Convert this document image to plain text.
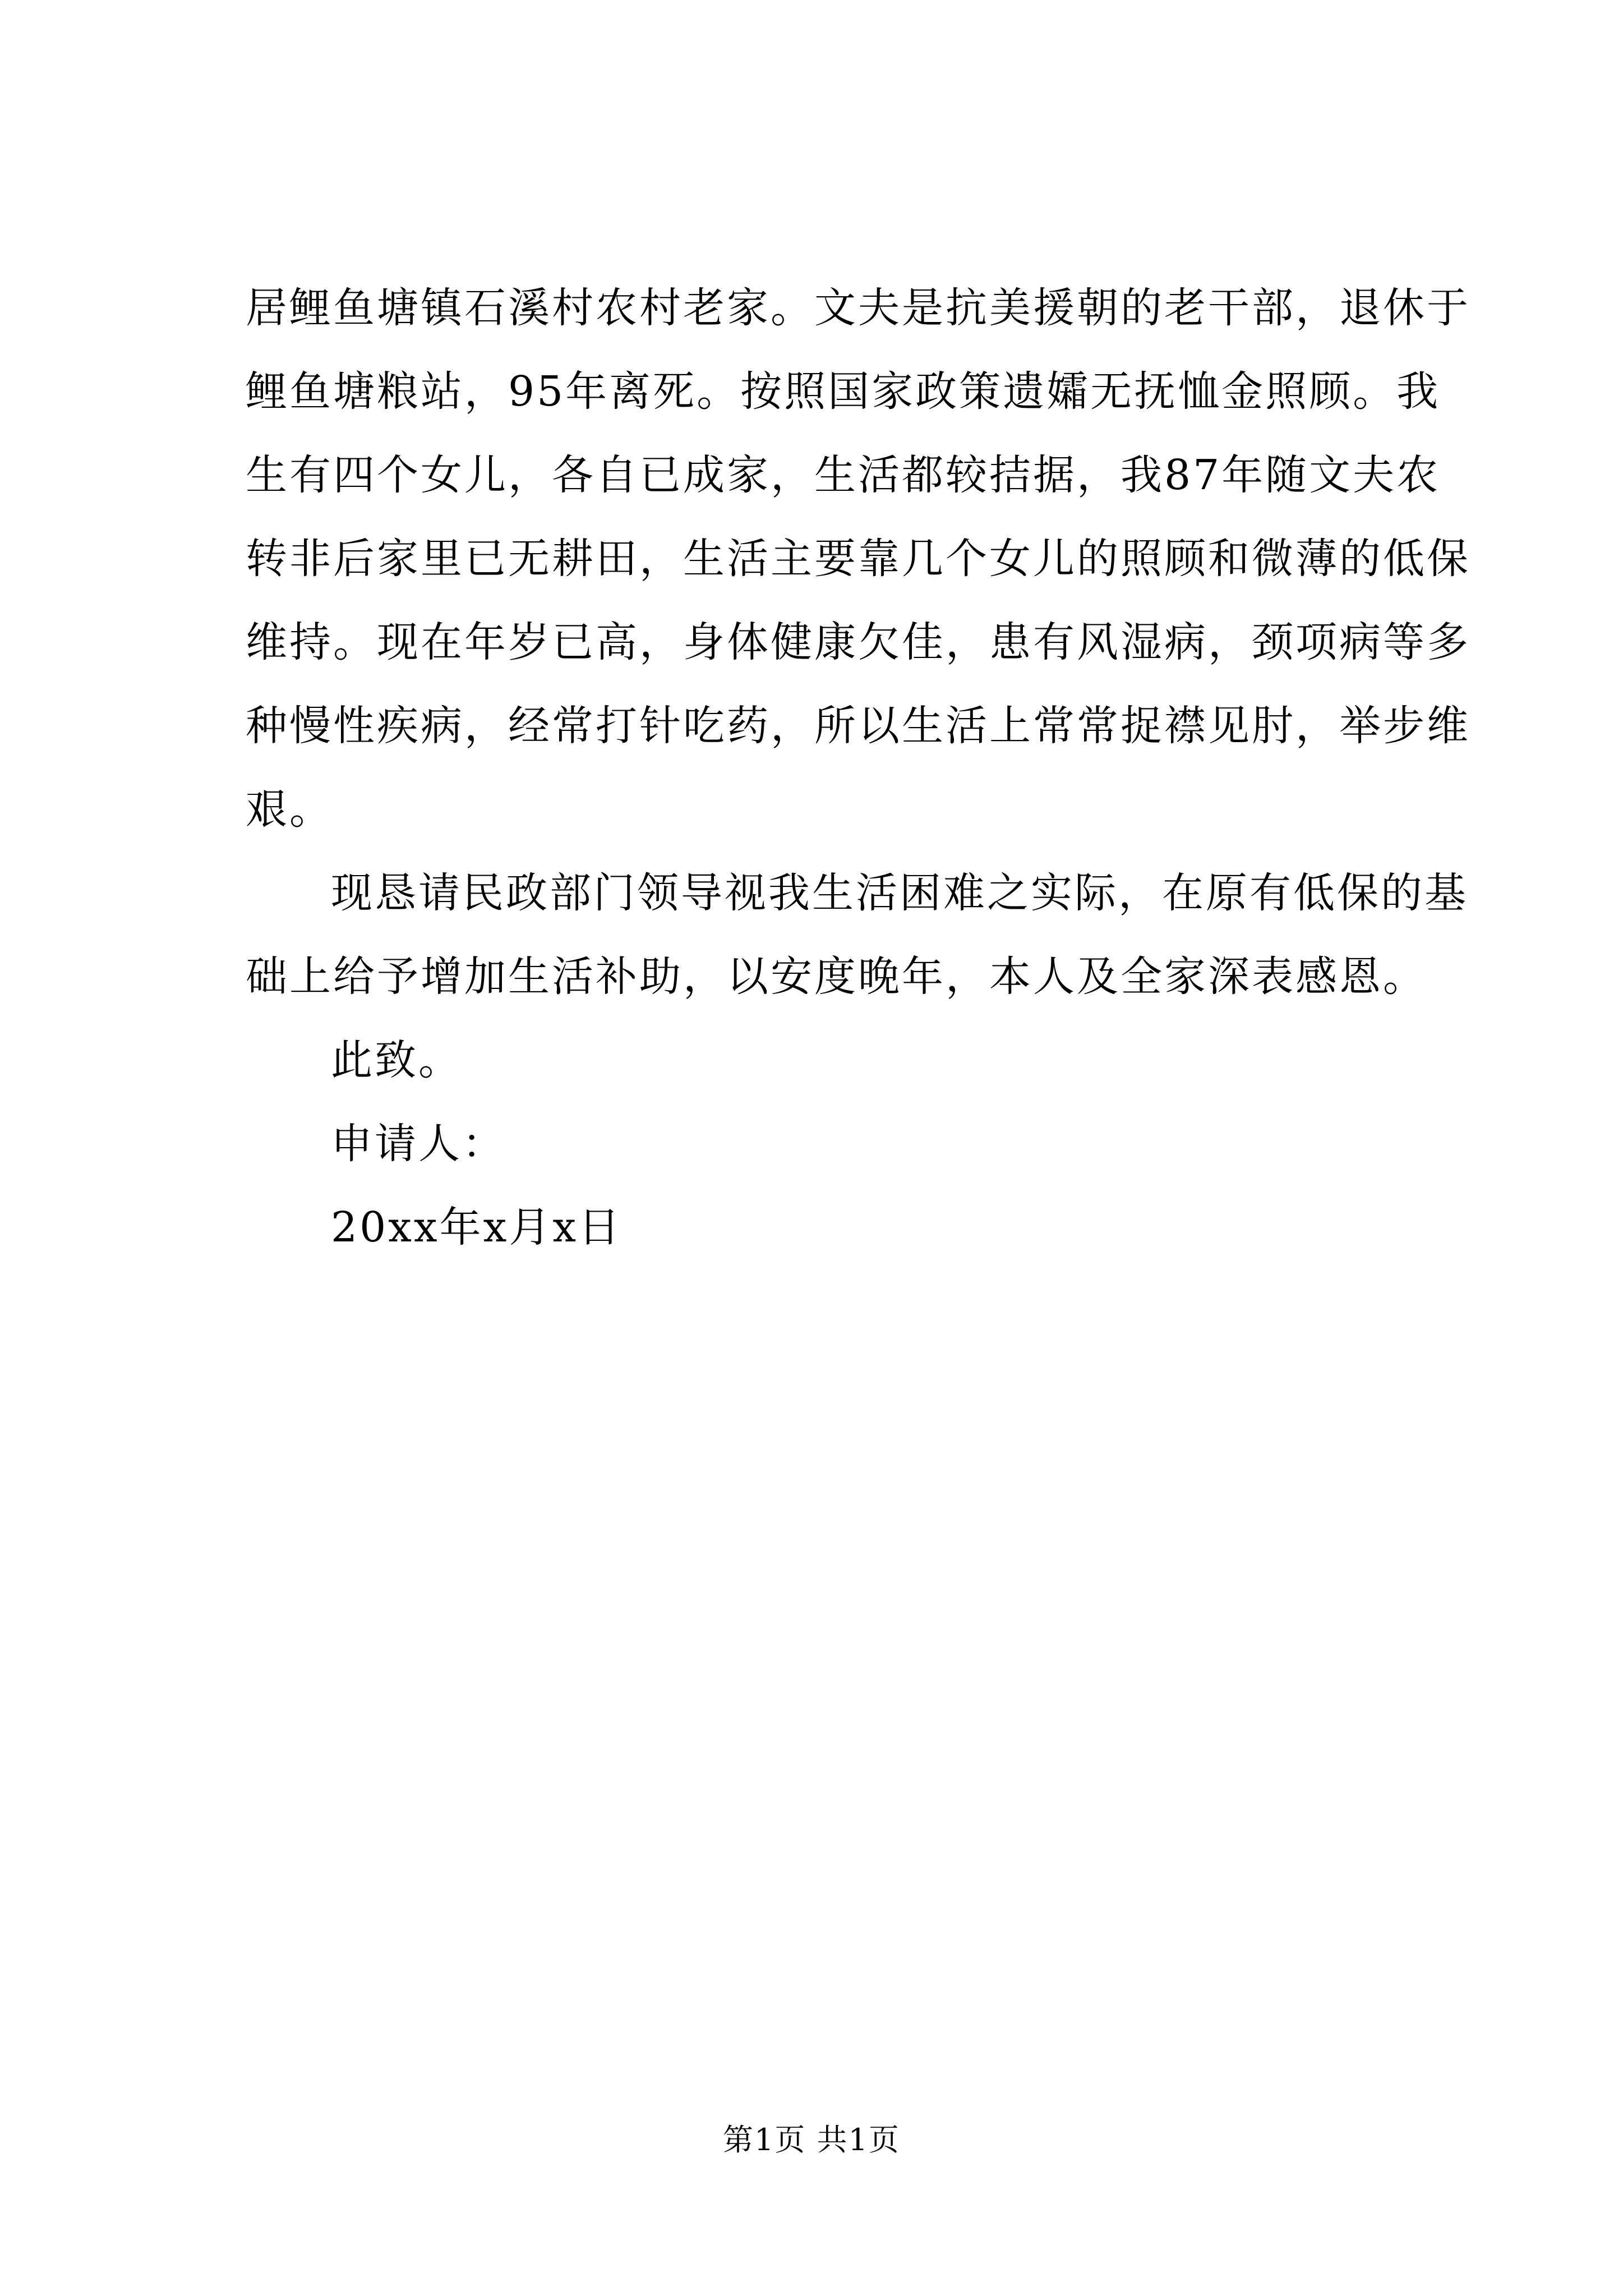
居鲤鱼塘镇石溪村农村老家。文夫是抗美援朝的老干部，退休于
鲤鱼塘粮站，95年离死。按照国家政策遗孀无抚恤金照顾。我
生有四个女儿，各自已成家，生活都较拮据，我87年随文夫农
转非后家里已无耕田，生活主要靠几个女儿的照顾和微薄的低保
维持。现在年岁已高，身体健康欠佳，患有风湿病，颈项病等多
种慢性疾病，经常打针吃药，所以生活上常常捉襟见肘，举步维
艰。
现恳请民政部门领导视我生活困难之实际，在原有低保的基
础上给予增加生活补助，以安度晚年，本人及全家深表感恩。
此致。
申请人：
20xx年x月x日
第1页 共1页
